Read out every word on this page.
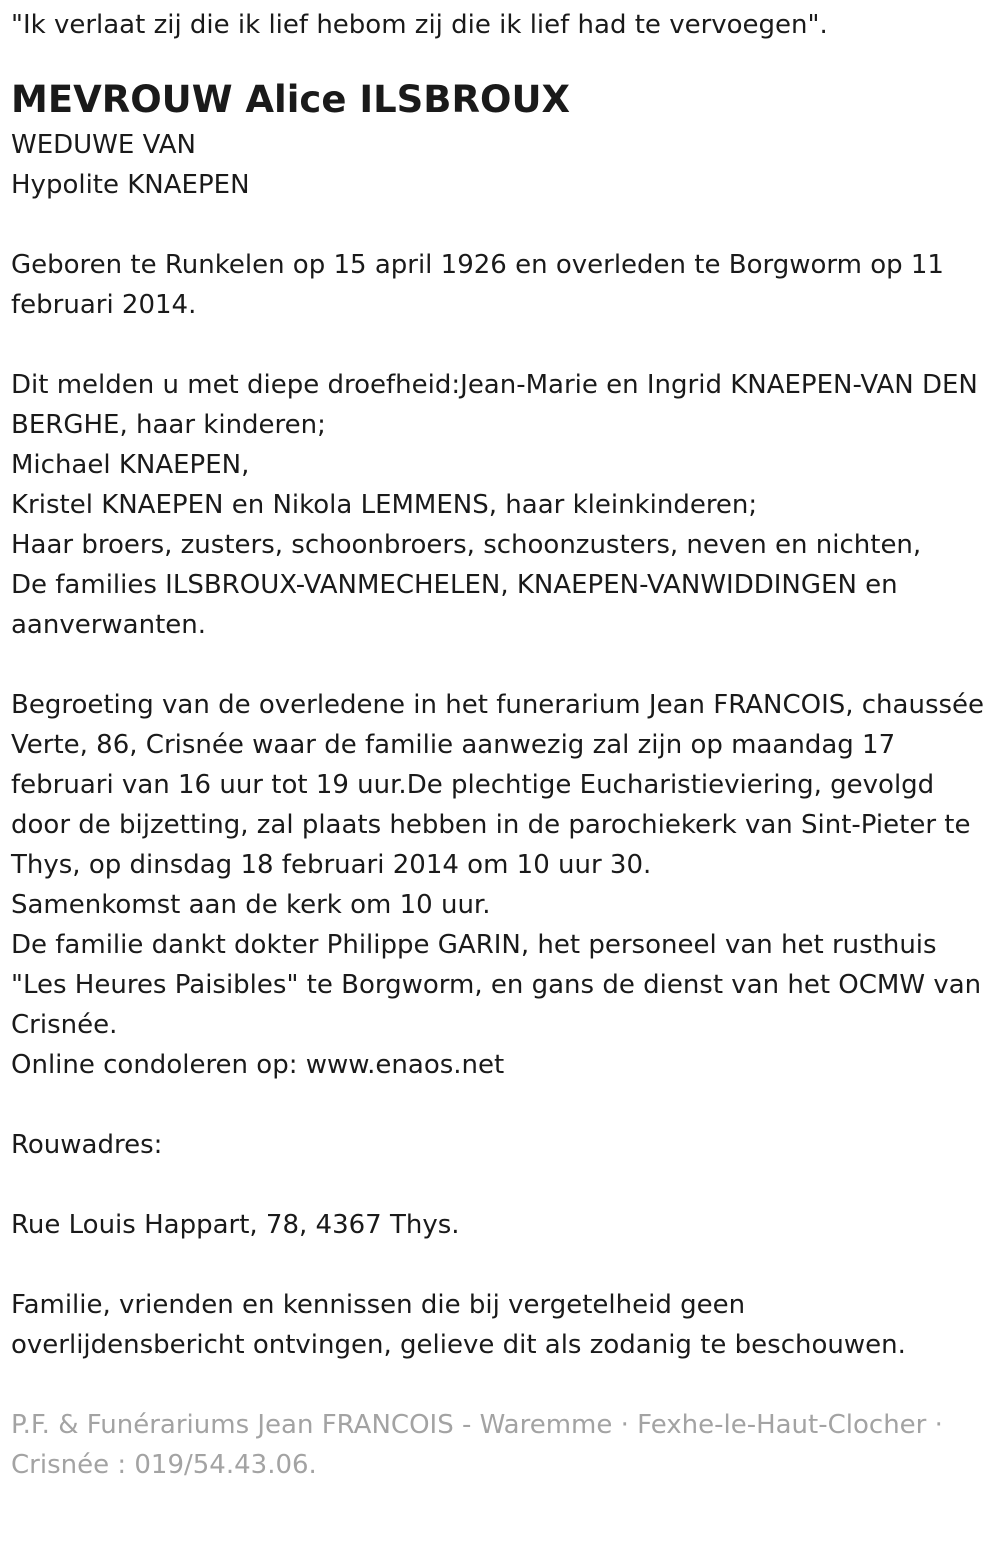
"Ik verlaat zij die ik lief hebom zij die ik lief had te vervoegen".

MEVROUW Alice ILSBROUX

WEDUWE VAN

Hypolite KNAEPEN

Geboren te Runkelen op 15 april 1926 en overleden te Borgworm op 11 februari 2014.

Dit melden u met diepe droefheid:Jean-Marie en Ingrid KNAEPEN-VAN DEN BERGHE, haar kinderen;

Michael KNAEPEN,

Kristel KNAEPEN en Nikola LEMMENS, haar kleinkinderen;

Haar broers, zusters, schoonbroers, schoonzusters, neven en nichten,

De families ILSBROUX-VANMECHELEN, KNAEPEN-VANWIDDINGEN en aanverwanten.

Begroeting van de overledene in het funerarium Jean FRANCOIS, chaussée Verte, 86, Crisnée waar de familie aanwezig zal zijn op maandag 17 februari van 16 uur tot 19 uur.De plechtige Eucharistieviering, gevolgd door de bijzetting, zal plaats hebben in de parochiekerk van Sint-Pieter te Thys, op dinsdag 18 februari 2014 om 10 uur 30.

Samenkomst aan de kerk om 10 uur.

De familie dankt dokter Philippe GARIN, het personeel van het rusthuis "Les Heures Paisibles" te Borgworm, en gans de dienst van het OCMW van Crisnée.

Online condoleren op: www.enaos.net

Rouwadres:

Rue Louis Happart, 78, 4367 Thys.

Familie, vrienden en kennissen die bij vergetelheid geen overlijdensbericht ontvingen, gelieve dit als zodanig te beschouwen.

P.F. & Funérariums Jean FRANCOIS - Waremme · Fexhe-le-Haut-Clocher · Crisnée : 019/54.43.06.
